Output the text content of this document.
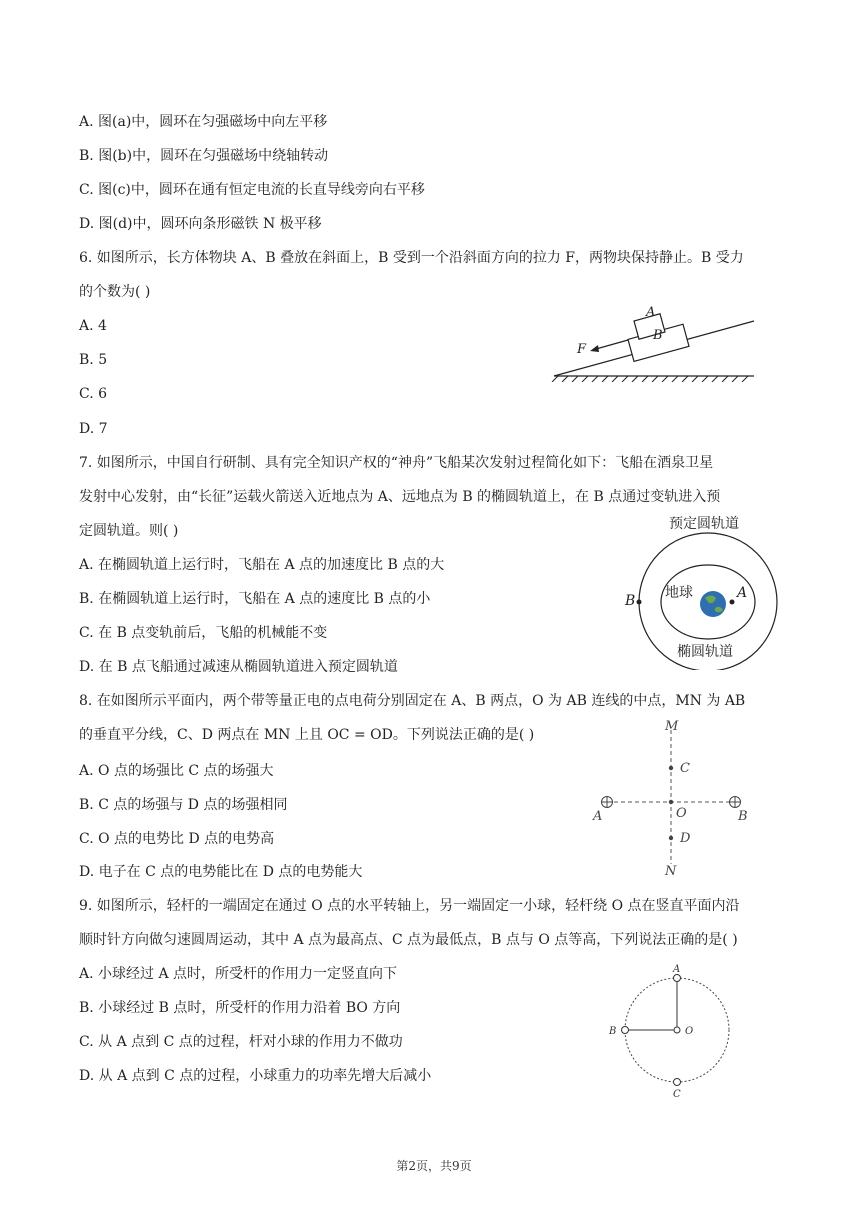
A. 图(a)中，圆环在匀强磁场中向左平移
B. 图(b)中，圆环在匀强磁场中绕轴转动
C. 图(c)中，圆环在通有恒定电流的长直导线旁向右平移
D. 图(d)中，圆环向条形磁铁 N 极平移
6. 如图所示，长方体物块 A、B 叠放在斜面上，B 受到一个沿斜面方向的拉力 F，两物块保持静止。B 受力
的个数为( )
A. 4
B. 5
C. 6
D. 7
7. 如图所示，中国自行研制、具有完全知识产权的“神舟”飞船某次发射过程简化如下：飞船在酒泉卫星
发射中心发射，由“长征”运载火箭送入近地点为 A、远地点为 B 的椭圆轨道上，在 B 点通过变轨进入预
定圆轨道。则( )
A. 在椭圆轨道上运行时，飞船在 A 点的加速度比 B 点的大
B. 在椭圆轨道上运行时，飞船在 A 点的速度比 B 点的小
C. 在 B 点变轨前后，飞船的机械能不变
D. 在 B 点飞船通过减速从椭圆轨道进入预定圆轨道
8. 在如图所示平面内，两个带等量正电的点电荷分别固定在 A、B 两点，O 为 AB 连线的中点，MN 为 AB
的垂直平分线，C、D 两点在 MN 上且 OC = OD。下列说法正确的是( )
A. O 点的场强比 C 点的场强大
B. C 点的场强与 D 点的场强相同
C. O 点的电势比 D 点的电势高
D. 电子在 C 点的电势能比在 D 点的电势能大
9. 如图所示，轻杆的一端固定在通过 O 点的水平转轴上，另一端固定一小球，轻杆绕 O 点在竖直平面内沿
顺时针方向做匀速圆周运动，其中 A 点为最高点、C 点为最低点，B 点与 O 点等高，下列说法正确的是( )
A. 小球经过 A 点时，所受杆的作用力一定竖直向下
B. 小球经过 B 点时，所受杆的作用力沿着 BO 方向
C. 从 A 点到 C 点的过程，杆对小球的作用力不做功
D. 从 A 点到 C 点的过程，小球重力的功率先增大后减小
A
B
F
预定圆轨道
B	A
地球
椭圆轨道
M
N
C
O
D
A	B
A
B	O
C
第2页，共9页
